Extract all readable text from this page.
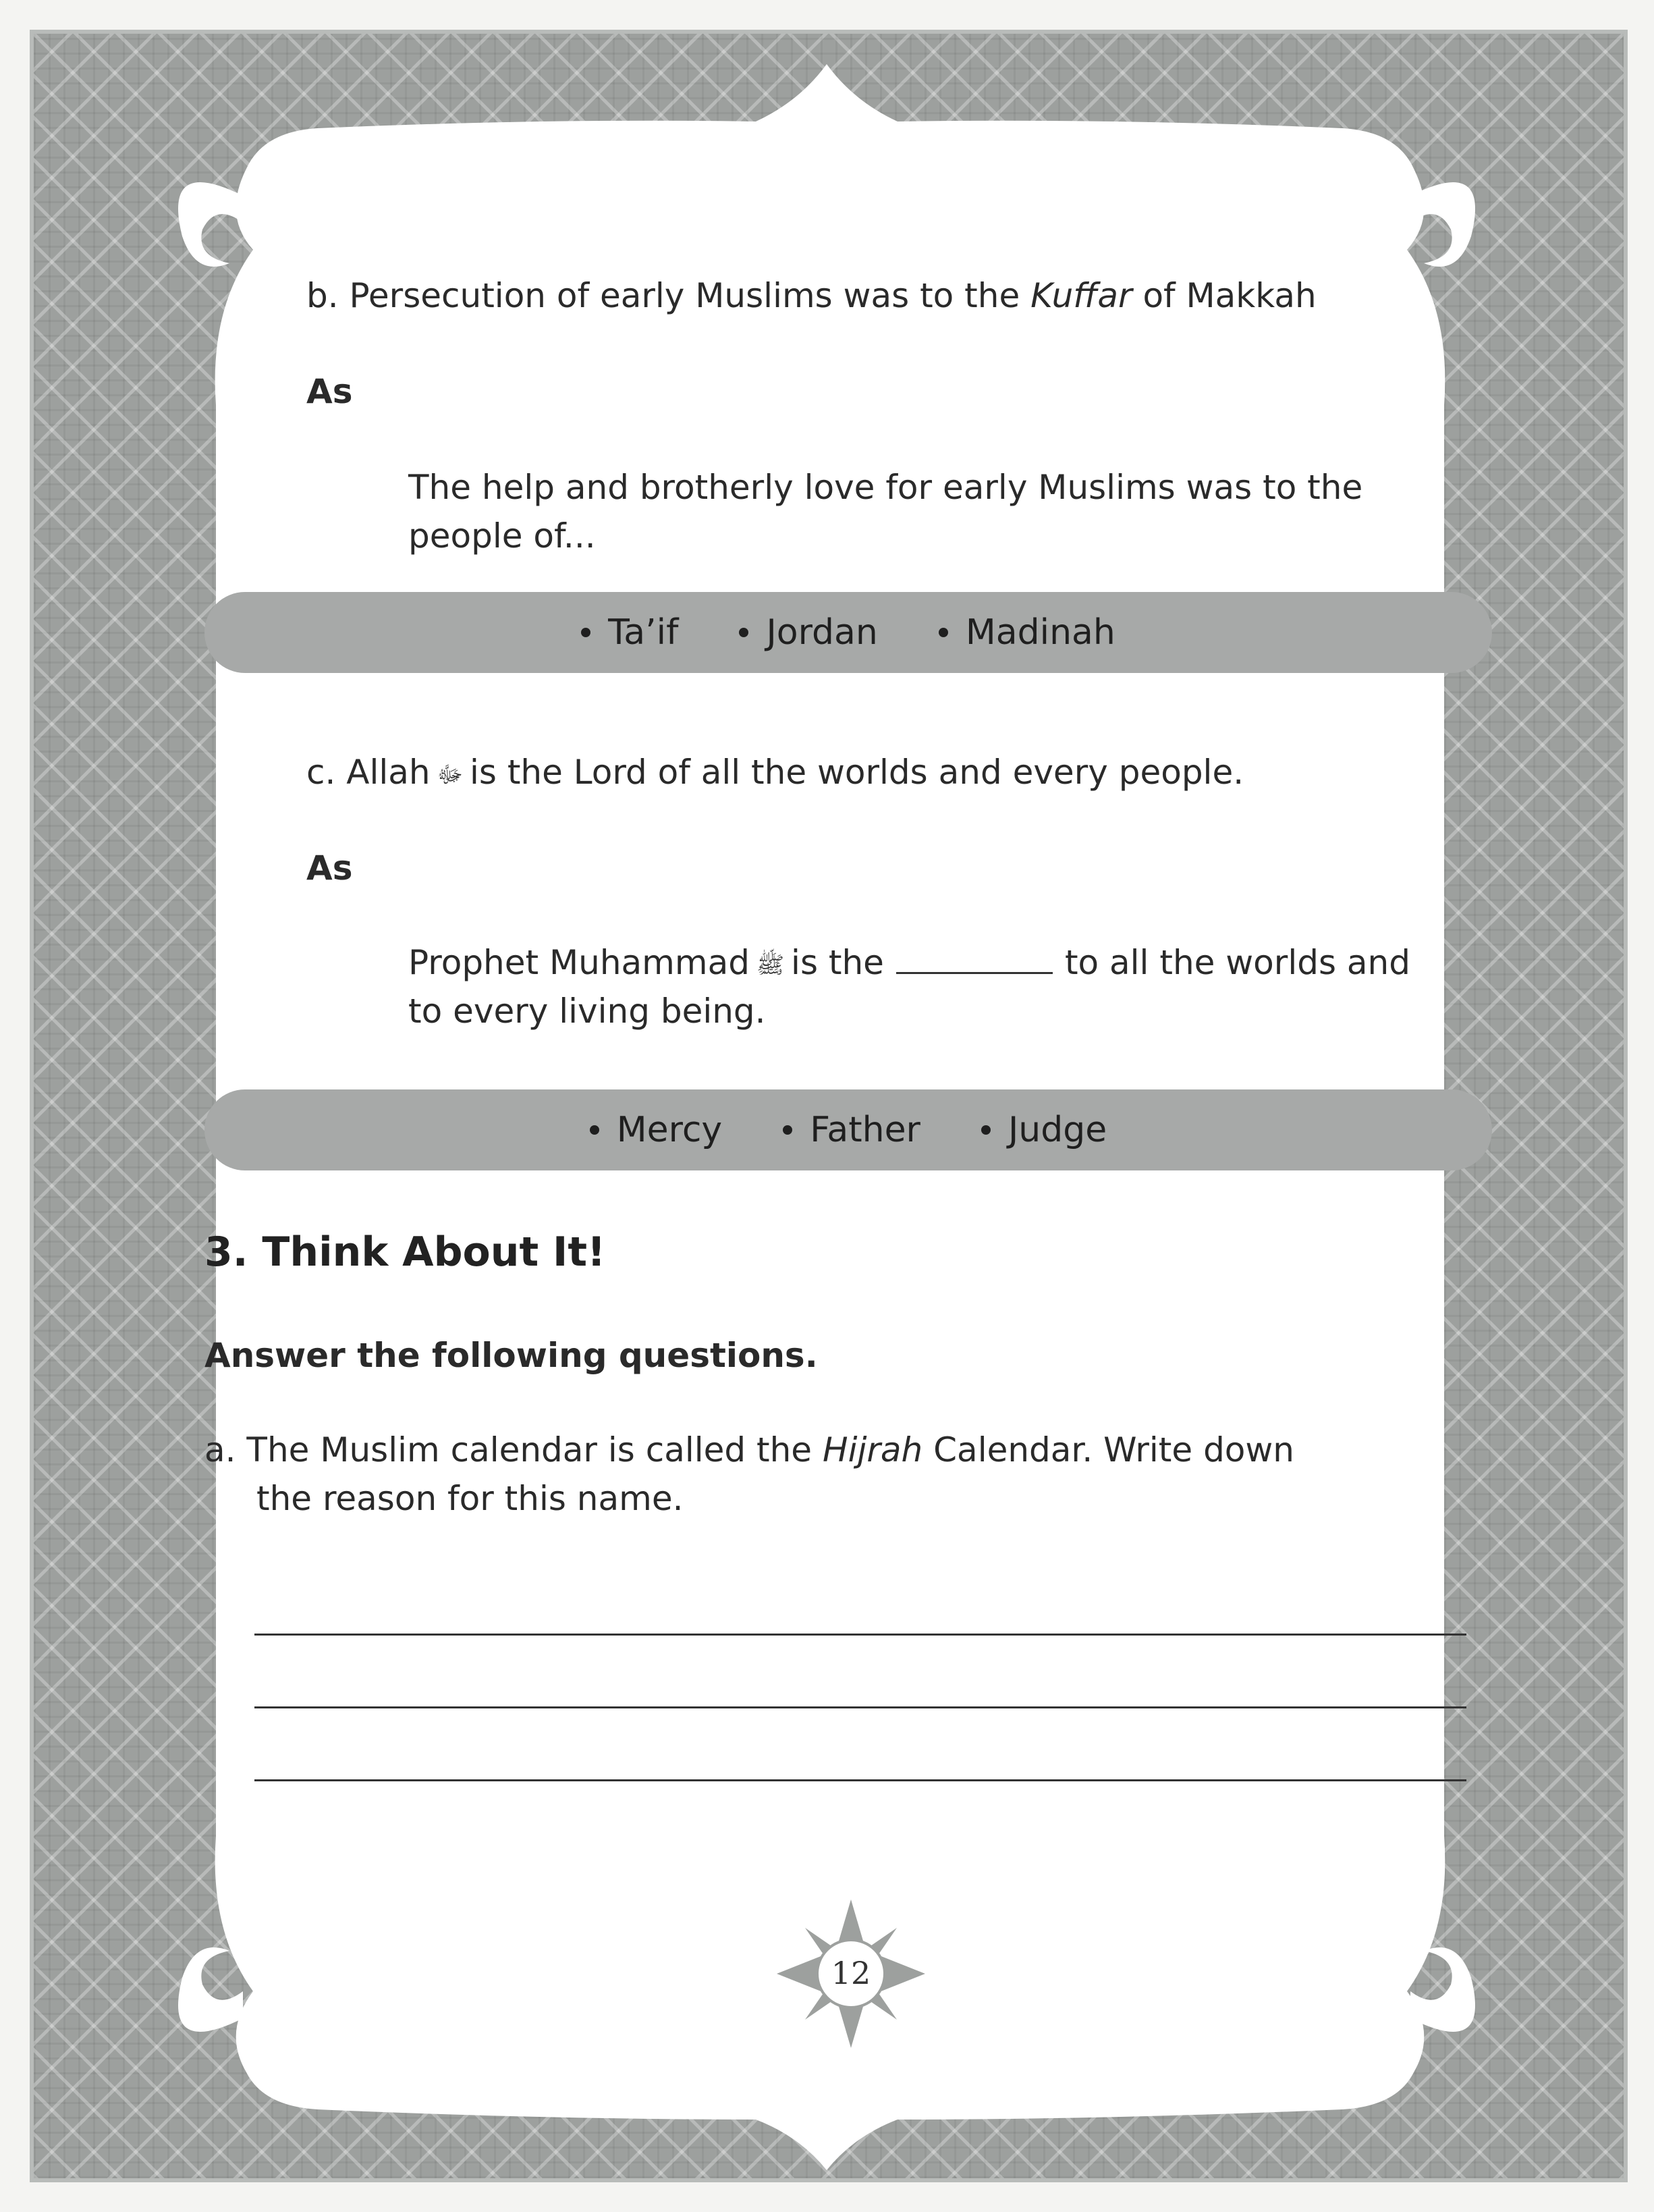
b. Persecution of early Muslims was to the Kuffar of Makkah
As
The help and brotherly love for early Muslims was to the
people of...
Ta’if	Jordan	Madinah
c. Allah ﷻ is the Lord of all the worlds and every people.
As
Prophet Muhammad ﷺ is the	to all the worlds and
to every living being.
Mercy	Father	Judge
3. Think About It!
Answer the following questions.
a. The Muslim calendar is called the Hijrah Calendar. Write down
the reason for this name.
12
